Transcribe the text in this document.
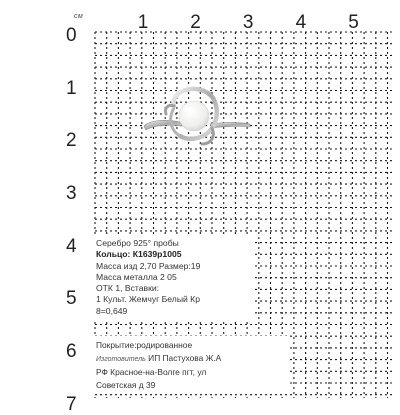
см	1 2 3 4 5
1
2
3
4
5
6
7
0
Серебро 925° пробы
Кольцо: К1639р1005
Масса изд 2,70 Размер:19
Масса металла 2 05
ОТК 1, Вставки:
1 Культ. Жемчуг Белый Кр
8=0,649
Покрытие:родированное
Изготовитель ИП Пастухова Ж.А
РФ Красное-на-Волге пгт, ул
Советская д 39
